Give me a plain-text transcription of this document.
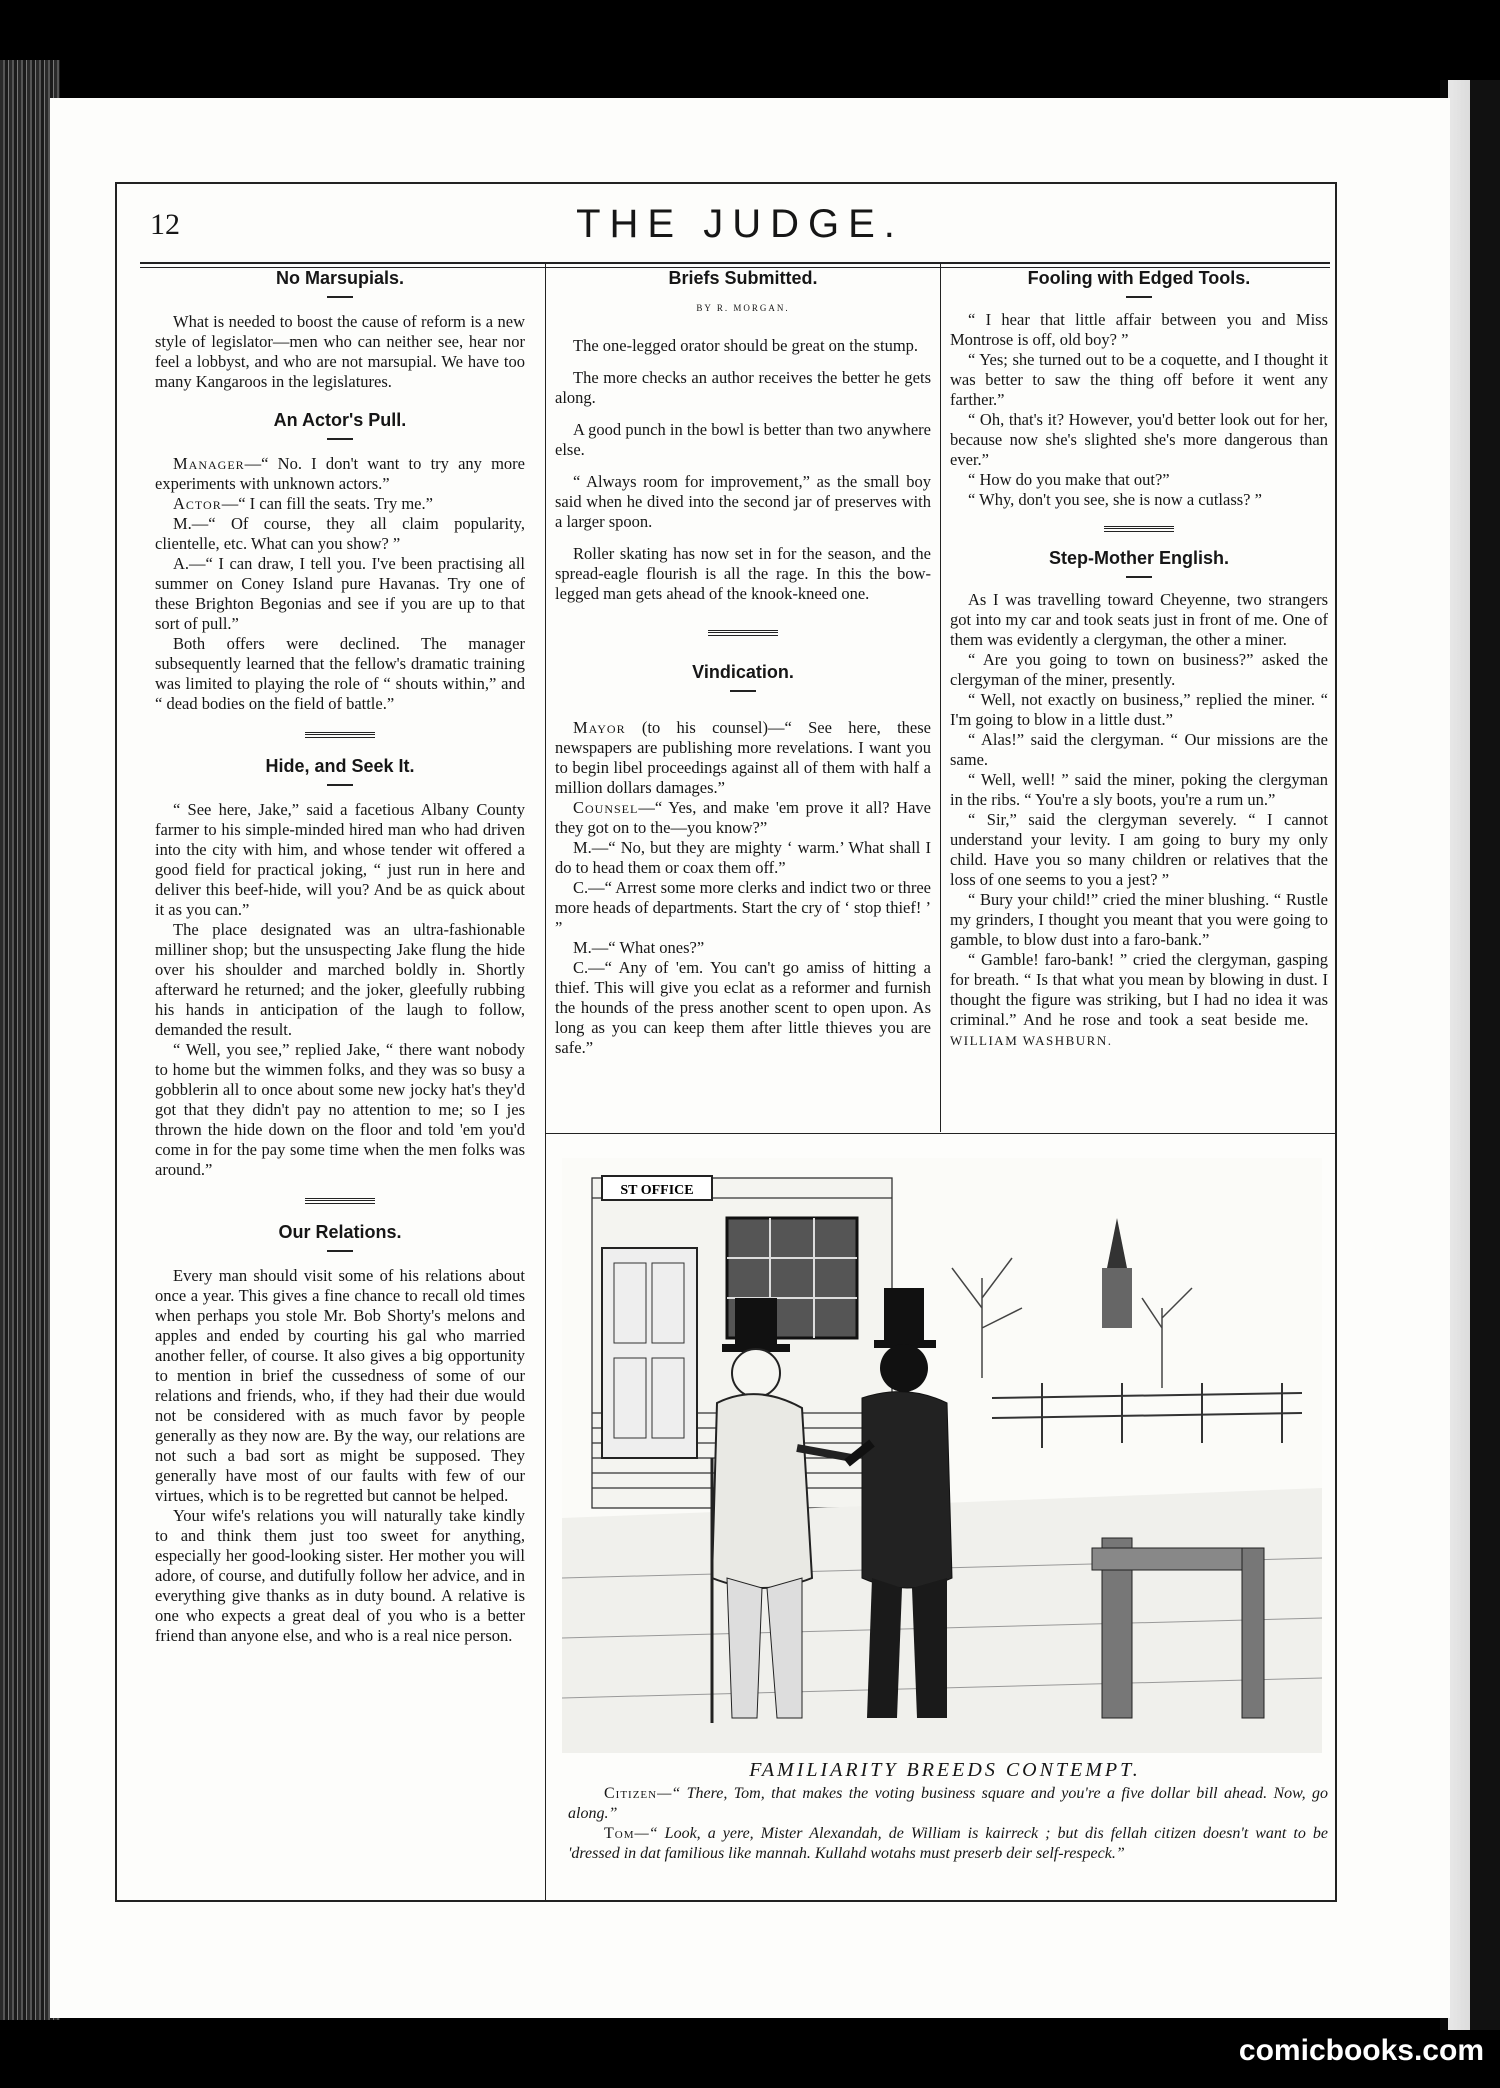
12	THE JUDGE.
No Marsupials.

What is needed to boost the cause of reform is a new style of legislator—men who can neither see, hear nor feel a lobbyst, and who are not marsupial. We have too many Kangaroos in the legislatures.

An Actor's Pull.

Manager—“ No. I don't want to try any more experiments with unknown actors.”

Actor—“ I can fill the seats. Try me.”

M.—“ Of course, they all claim popularity, clientelle, etc. What can you show? ”

A.—“ I can draw, I tell you. I've been practising all summer on Coney Island pure Havanas. Try one of these Brighton Begonias and see if you are up to that sort of pull.”

Both offers were declined. The manager subsequently learned that the fellow's dramatic training was limited to playing the role of “ shouts within,” and “ dead bodies on the field of battle.”

Hide, and Seek It.

“ See here, Jake,” said a facetious Albany County farmer to his simple-minded hired man who had driven into the city with him, and whose tender wit offered a good field for practical joking, “ just run in here and deliver this beef-hide, will you? And be as quick about it as you can.”

The place designated was an ultra-fashionable milliner shop; but the unsuspecting Jake flung the hide over his shoulder and marched boldly in. Shortly afterward he returned; and the joker, gleefully rubbing his hands in anticipation of the laugh to follow, demanded the result.

“ Well, you see,” replied Jake, “ there want nobody to home but the wimmen folks, and they was so busy a gobblerin all to once about some new jocky hat's they'd got that they didn't pay no attention to me; so I jes thrown the hide down on the floor and told 'em you'd come in for the pay some time when the men folks was around.”

Our Relations.

Every man should visit some of his relations about once a year. This gives a fine chance to recall old times when perhaps you stole Mr. Bob Shorty's melons and apples and ended by courting his gal who married another feller, of course. It also gives a big opportunity to mention in brief the cussedness of some of our relations and friends, who, if they had their due would not be considered with as much favor by people generally as they now are. By the way, our relations are not such a bad sort as might be supposed. They generally have most of our faults with few of our virtues, which is to be regretted but cannot be helped.

Your wife's relations you will naturally take kindly to and think them just too sweet for anything, especially her good-looking sister. Her mother you will adore, of course, and dutifully follow her advice, and in everything give thanks as in duty bound. A relative is one who expects a great deal of you who is a better friend than anyone else, and who is a real nice person.

Briefs Submitted.
BY R. MORGAN.

The one-legged orator should be great on the stump.

The more checks an author receives the better he gets along.

A good punch in the bowl is better than two anywhere else.

“ Always room for improvement,” as the small boy said when he dived into the second jar of preserves with a larger spoon.

Roller skating has now set in for the season, and the spread-eagle flourish is all the rage. In this the bow-legged man gets ahead of the knook-kneed one.

Vindication.

Mayor (to his counsel)—“ See here, these newspapers are publishing more revelations. I want you to begin libel proceedings against all of them with half a million dollars damages.”

Counsel—“ Yes, and make 'em prove it all? Have they got on to the—you know?”

M.—“ No, but they are mighty ‘ warm.’ What shall I do to head them or coax them off.”

C.—“ Arrest some more clerks and indict two or three more heads of departments. Start the cry of ‘ stop thief! ’ ”

M.—“ What ones?”

C.—“ Any of 'em. You can't go amiss of hitting a thief. This will give you eclat as a reformer and furnish the hounds of the press another scent to open upon. As long as you can keep them after little thieves you are safe.”

Fooling with Edged Tools.

“ I hear that little affair between you and Miss Montrose is off, old boy? ”

“ Yes; she turned out to be a coquette, and I thought it was better to saw the thing off before it went any farther.”

“ Oh, that's it? However, you'd better look out for her, because now she's slighted she's more dangerous than ever.”

“ How do you make that out?”

“ Why, don't you see, she is now a cutlass? ”

Step-Mother English.

As I was travelling toward Cheyenne, two strangers got into my car and took seats just in front of me. One of them was evidently a clergyman, the other a miner.

“ Are you going to town on business?” asked the clergyman of the miner, presently.

“ Well, not exactly on business,” replied the miner. “ I'm going to blow in a little dust.”

“ Alas!” said the clergyman. “ Our missions are the same.

“ Well, well! ” said the miner, poking the clergyman in the ribs. “ You're a sly boots, you're a rum un.”

“ Sir,” said the clergyman severely. “ I cannot understand your levity. I am going to bury my only child. Have you so many children or relatives that the loss of one seems to you a jest? ”

“ Bury your child!” cried the miner blushing. “ Rustle my grinders, I thought you meant that you were going to gamble, to blow dust into a faro-bank.”

“ Gamble! faro-bank! ” cried the clergyman, gasping for breath. “ Is that what you mean by blowing in dust. I thought the figure was striking, but I had no idea it was criminal.” And he rose and took a seat beside me.    WILLIAM WASHBURN.

ST OFFICE
FAMILIARITY BREEDS CONTEMPT.

Citizen—“ There, Tom, that makes the voting business square and you're a five dollar bill ahead. Now, go along.”

Tom—“ Look, a yere, Mister Alexandah, de William is kairreck ; but dis fellah citizen doesn't want to be 'dressed in dat familious like mannah. Kullahd wotahs must preserb deir self-respeck.”

comicbooks.com
